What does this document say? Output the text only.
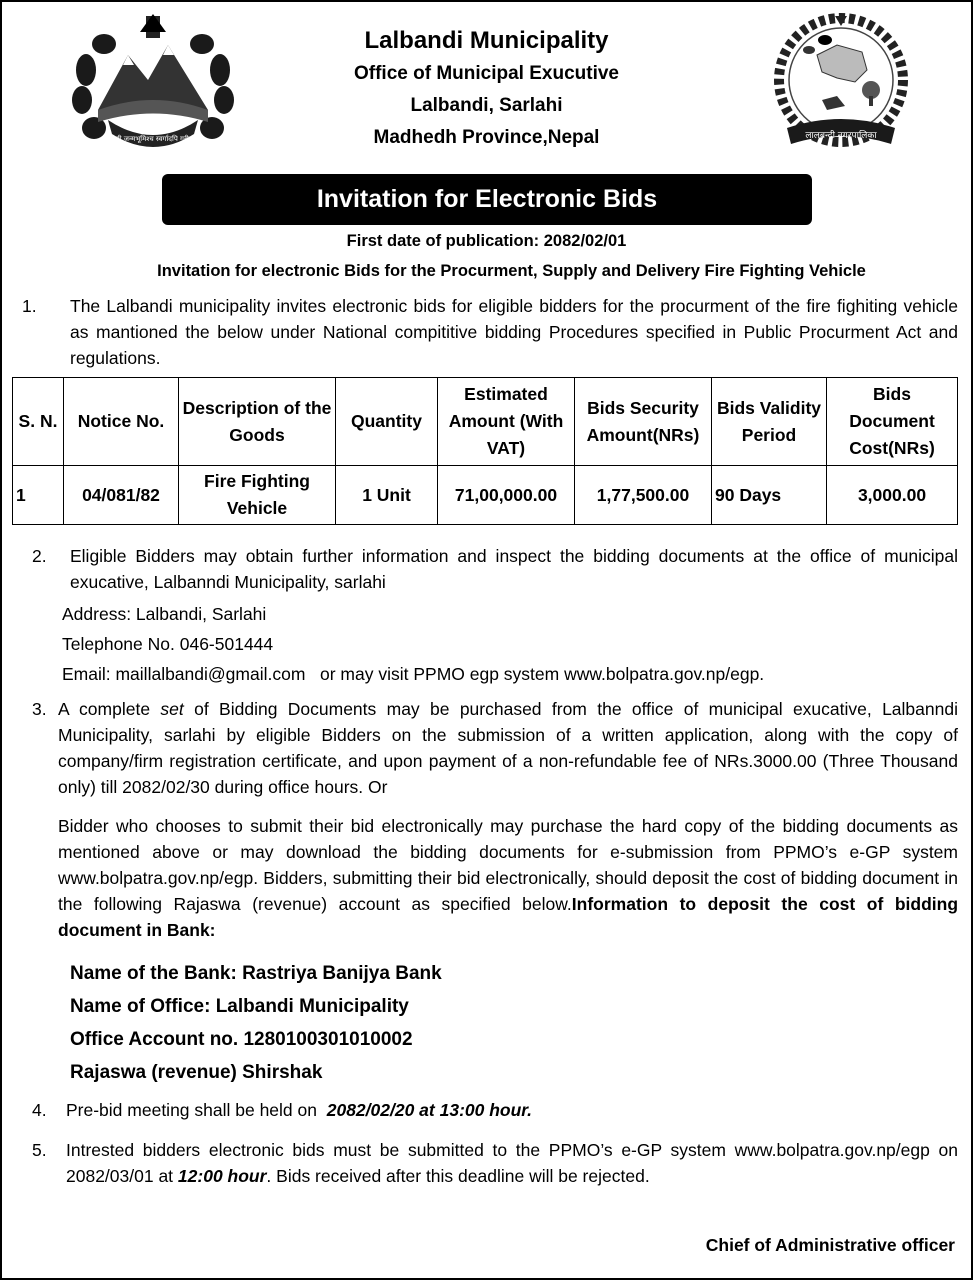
जननी जन्मभूमिश्च स्वर्गादपि गरीयसी
Lalbandi Municipality
Office of Municipal Exucutive
Lalbandi, Sarlahi
Madhedh Province,Nepal	लालबन्दी नगरपालिका
Invitation for Electronic Bids
First date of publication: 2082/02/01
Invitation for electronic Bids for the Procurment, Supply and Delivery Fire Fighting Vehicle
1. The Lalbandi municipality invites electronic bids for eligible bidders for the procurment of the fire fighiting vehicle as mantioned the below under National compititive bidding Procedures specified in Public Procurment Act and regulations.
S. N.	Notice No.	Description of the Goods	Quantity	Estimated Amount (With VAT)	Bids Security Amount(NRs)	Bids Validity Period	Bids Document Cost(NRs)
1	04/081/82	Fire Fighting Vehicle	1 Unit	71,00,000.00	1,77,500.00	90 Days	3,000.00
2. Eligible Bidders may obtain further information and inspect the bidding documents at the office of municipal exucative, Lalbanndi Municipality, sarlahi
Address: Lalbandi, Sarlahi
Telephone No. 046-501444
Email: maillalbandi@gmail.com or may visit PPMO egp system www.bolpatra.gov.np/egp.
3. A complete set of Bidding Documents may be purchased from the office of municipal exucative, Lalbanndi Municipality, sarlahi by eligible Bidders on the submission of a written application, along with the copy of company/firm registration certificate, and upon payment of a non-refundable fee of NRs.3000.00 (Three Thousand only) till 2082/02/30 during office hours. Or
Bidder who chooses to submit their bid electronically may purchase the hard copy of the bidding documents as mentioned above or may download the bidding documents for e-submission from PPMO’s e-GP system www.bolpatra.gov.np/egp. Bidders, submitting their bid electronically, should deposit the cost of bidding document in the following Rajaswa (revenue) account as specified below.Information to deposit the cost of bidding document in Bank:
Name of the Bank: Rastriya Banijya Bank
Name of Office: Lalbandi Municipality
Office Account no. 1280100301010002
Rajaswa (revenue) Shirshak
4. Pre-bid meeting shall be held on 2082/02/20 at 13:00 hour.
5. Intrested bidders electronic bids must be submitted to the PPMO’s e-GP system www.bolpatra.gov.np/egp on 2082/03/01 at 12:00 hour. Bids received after this deadline will be rejected.
Chief of Administrative officer
